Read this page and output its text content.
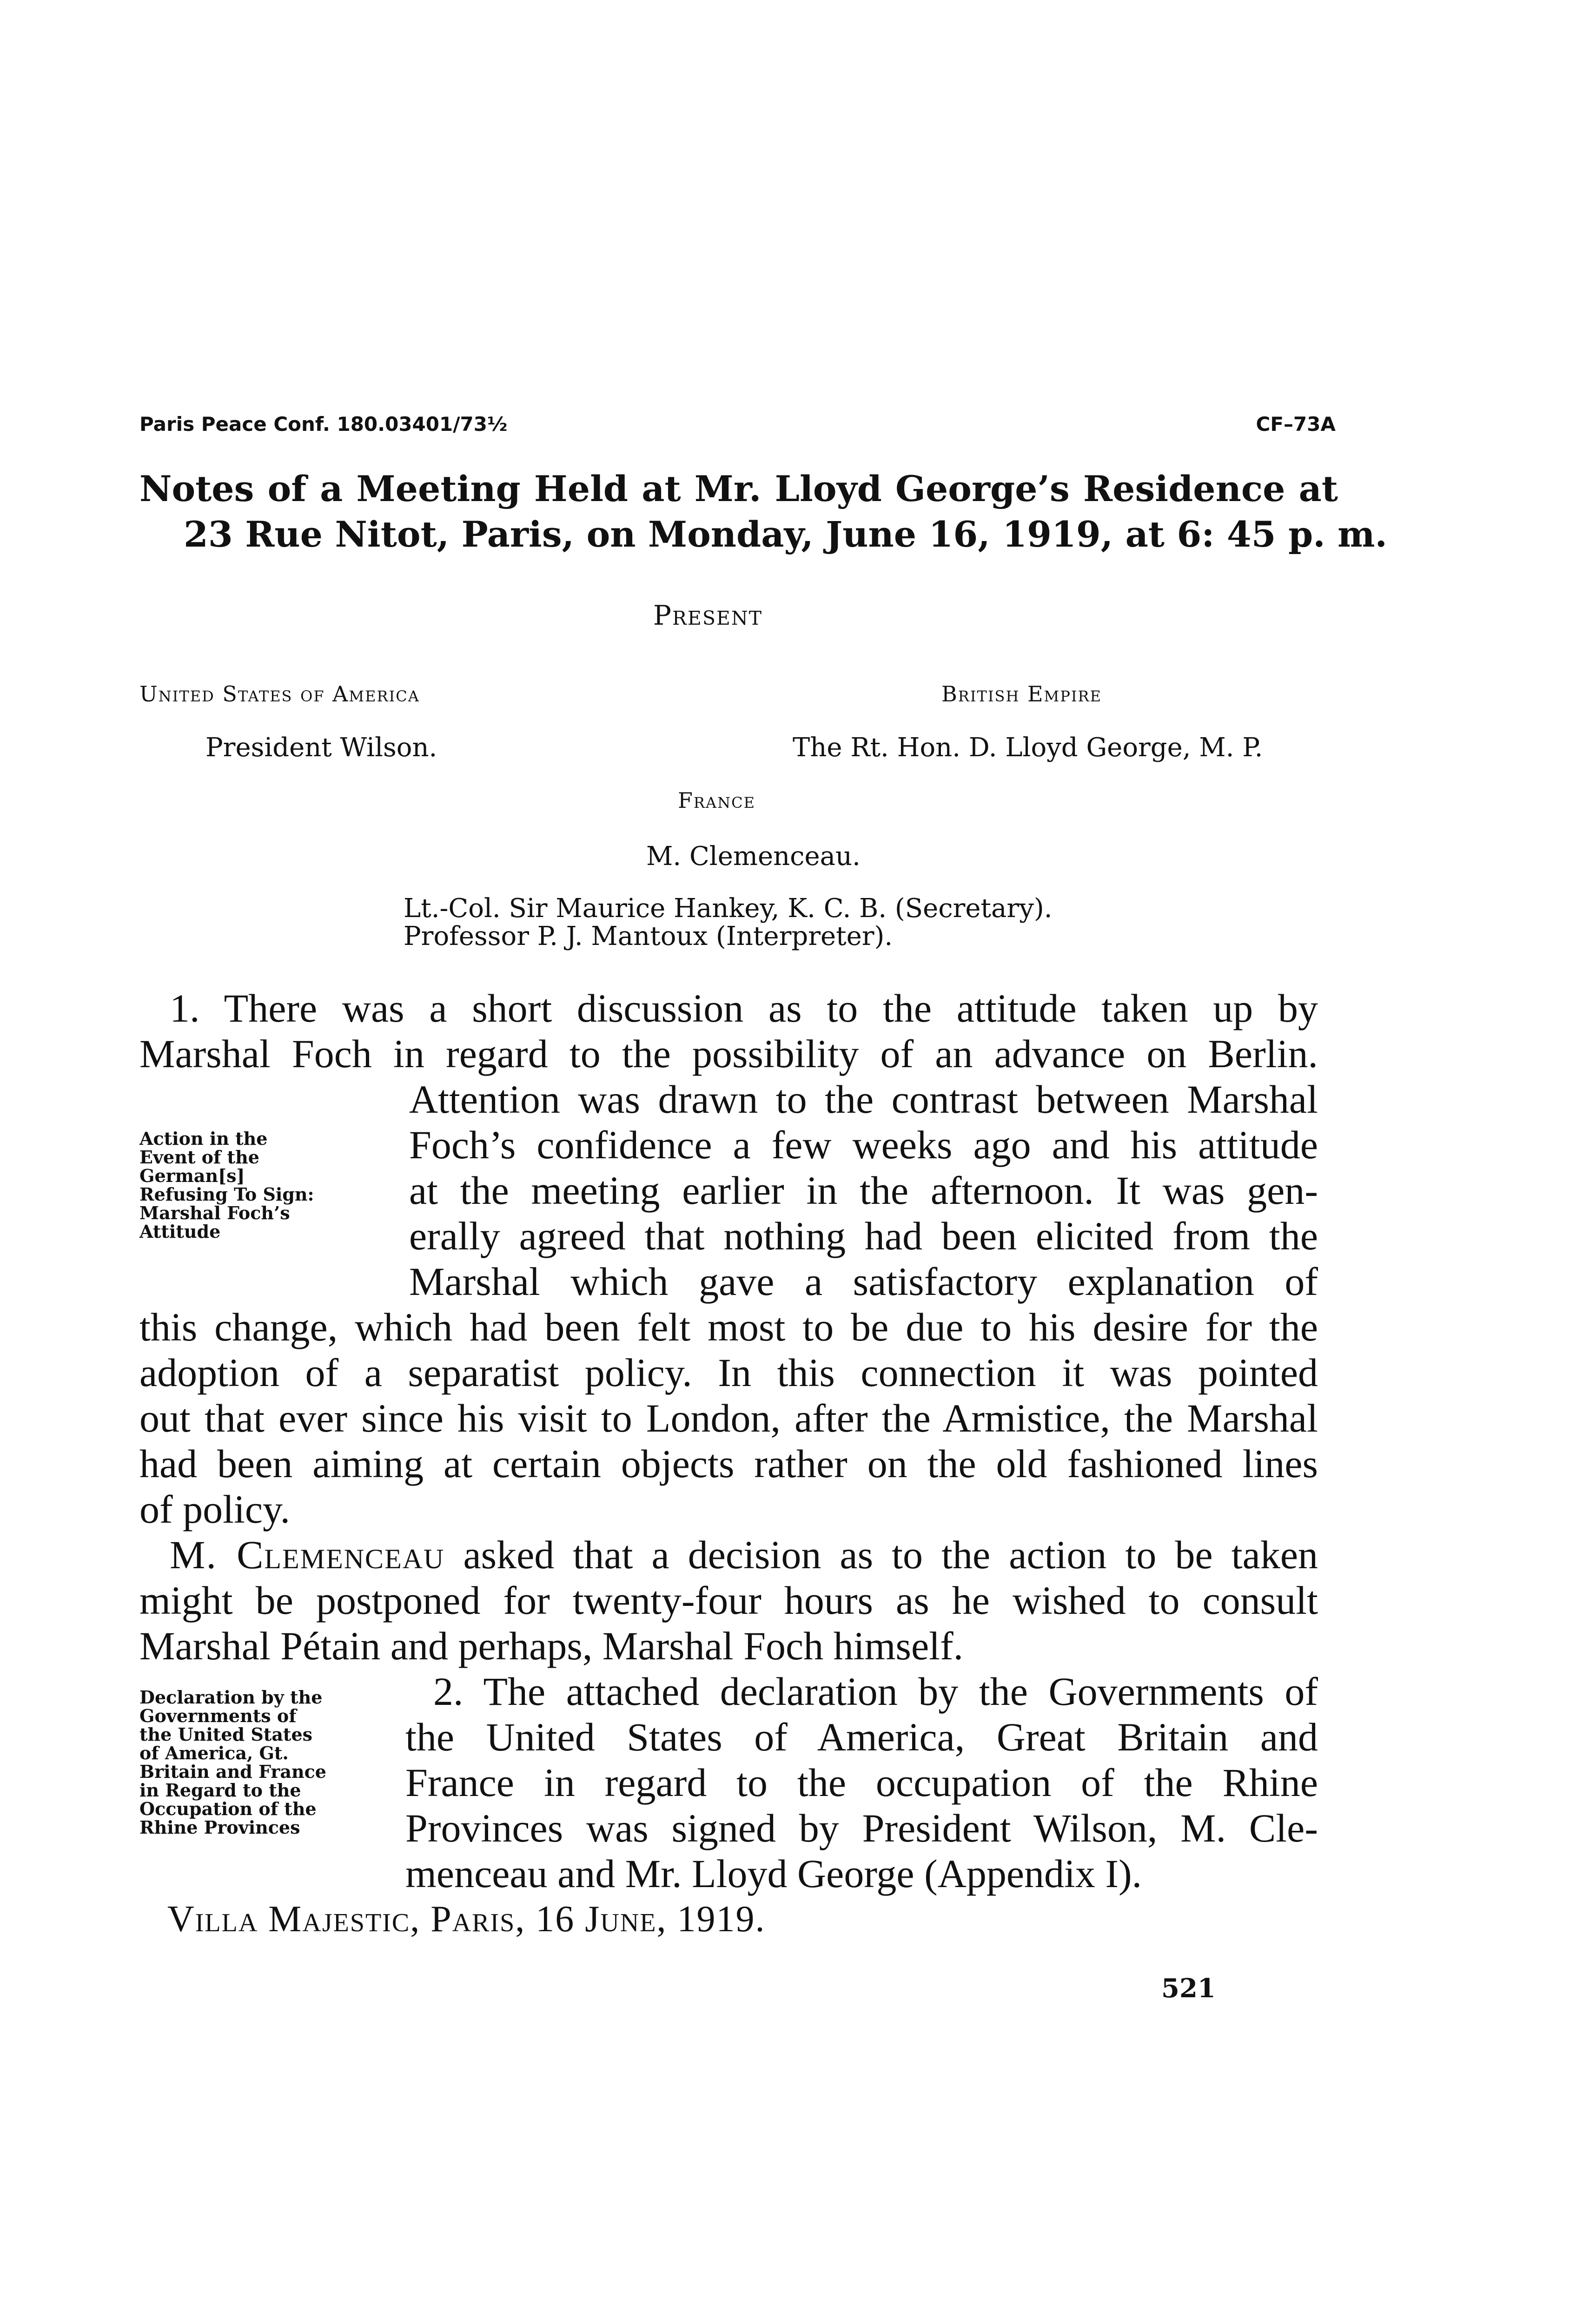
Paris Peace Conf. 180.03401/73½	CF–73A
Notes of a Meeting Held at Mr. Lloyd George’s Residence at
23 Rue Nitot, Paris, on Monday, June 16, 1919, at 6: 45 p. m.
Present
United States of America
President Wilson.
British Empire
The Rt. Hon. D. Lloyd George, M. P.
France
M. Clemenceau.
Lt.-Col. Sir Maurice Hankey, K. C. B. (Secretary).
Professor P. J. Mantoux (Interpreter).
Action in the
Event of the
German[s]
Refusing To Sign:
Marshal Foch’s
Attitude
1. There was a short discussion as to the attitude taken up by
Marshal Foch in regard to the possibility of an advance on Berlin.
Attention was drawn to the contrast between Marshal
Foch’s confidence a few weeks ago and his attitude
at the meeting earlier in the afternoon. It was gen-
erally agreed that nothing had been elicited from the
Marshal which gave a satisfactory explanation of
this change, which had been felt most to be due to his desire for the
adoption of a separatist policy. In this connection it was pointed
out that ever since his visit to London, after the Armistice, the Marshal
had been aiming at certain objects rather on the old fashioned lines
of policy.
M. Clemenceau asked that a decision as to the action to be taken
might be postponed for twenty-four hours as he wished to consult
Marshal Pétain and perhaps, Marshal Foch himself.
Declaration by the
Governments of
the United States
of America, Gt.
Britain and France
in Regard to the
Occupation of the
Rhine Provinces
2. The attached declaration by the Governments of
the United States of America, Great Britain and
France in regard to the occupation of the Rhine
Provinces was signed by President Wilson, M. Cle-
menceau and Mr. Lloyd George (Appendix I).
Villa Majestic, Paris, 16 June, 1919.
521
